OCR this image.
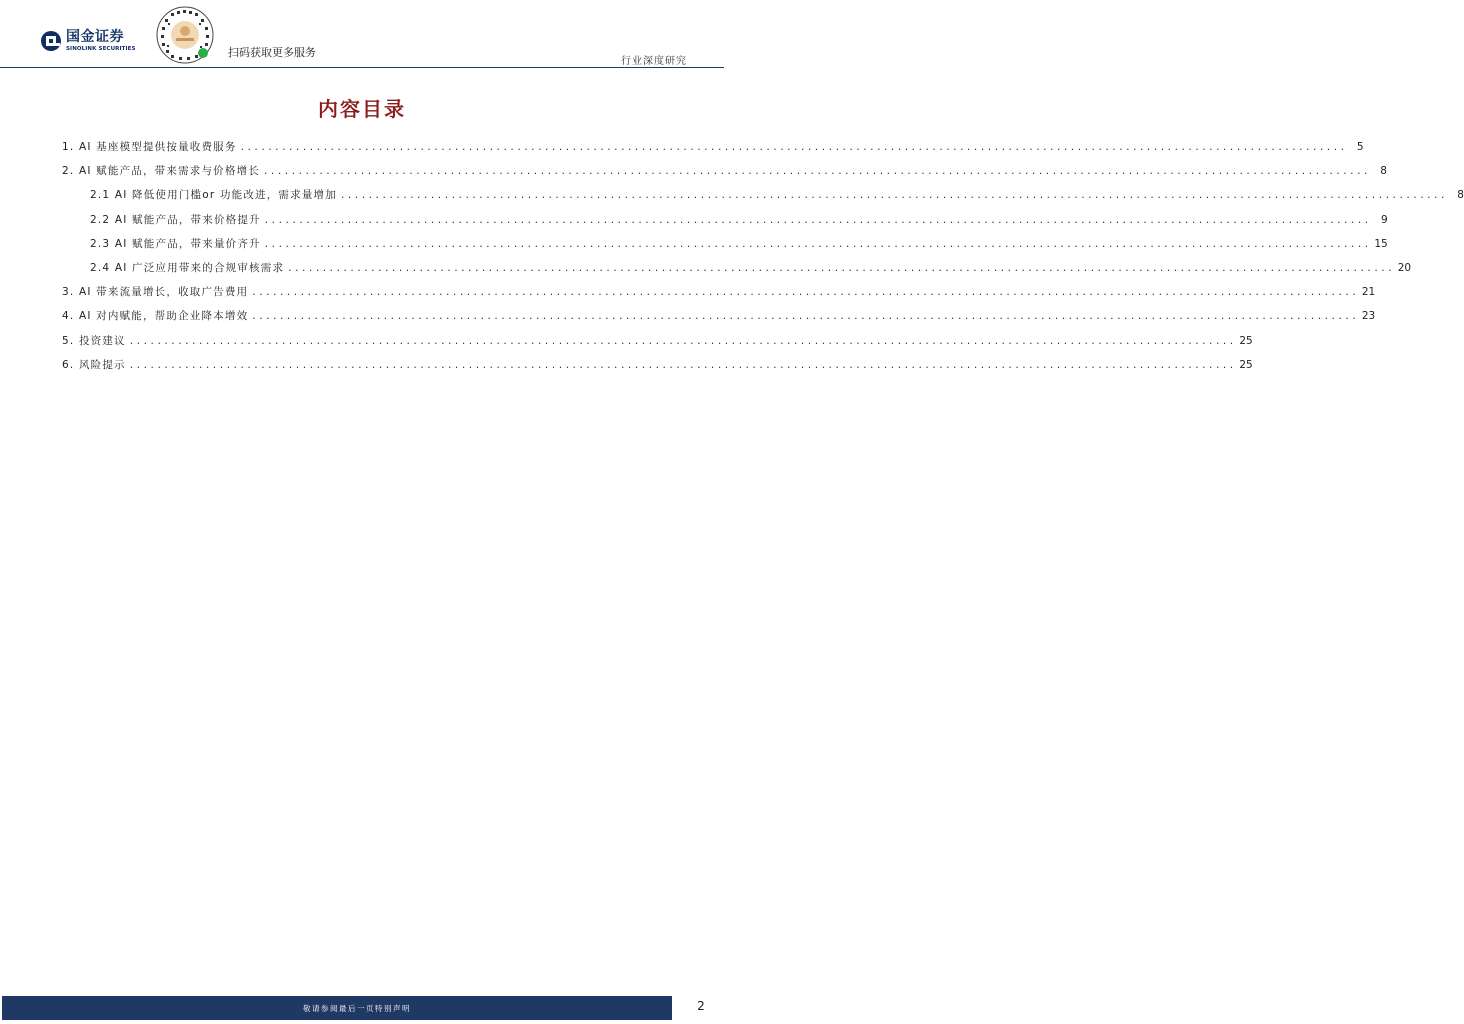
国金证券
SINOLINK SECURITIES	扫码获取更多服务
行业深度研究
内容目录
1. AI 基座模型提供按量收费服务 ................................................................................................................................................................ 5
2. AI 赋能产品，带来需求与价格增长 ................................................................................................................................................................ 8
2.1 AI 降低使用门槛or 功能改进，需求量增加 ................................................................................................................................................................ 8
2.2 AI 赋能产品，带来价格提升 ................................................................................................................................................................ 9
2.3 AI 赋能产品，带来量价齐升 ................................................................................................................................................................ 15
2.4 AI 广泛应用带来的合规审核需求 ................................................................................................................................................................ 20
3. AI 带来流量增长，收取广告费用 ................................................................................................................................................................ 21
4. AI 对内赋能，帮助企业降本增效 ................................................................................................................................................................ 23
5. 投资建议 ................................................................................................................................................................ 25
6. 风险提示 ................................................................................................................................................................ 25
敬请参阅最后一页特别声明	2
